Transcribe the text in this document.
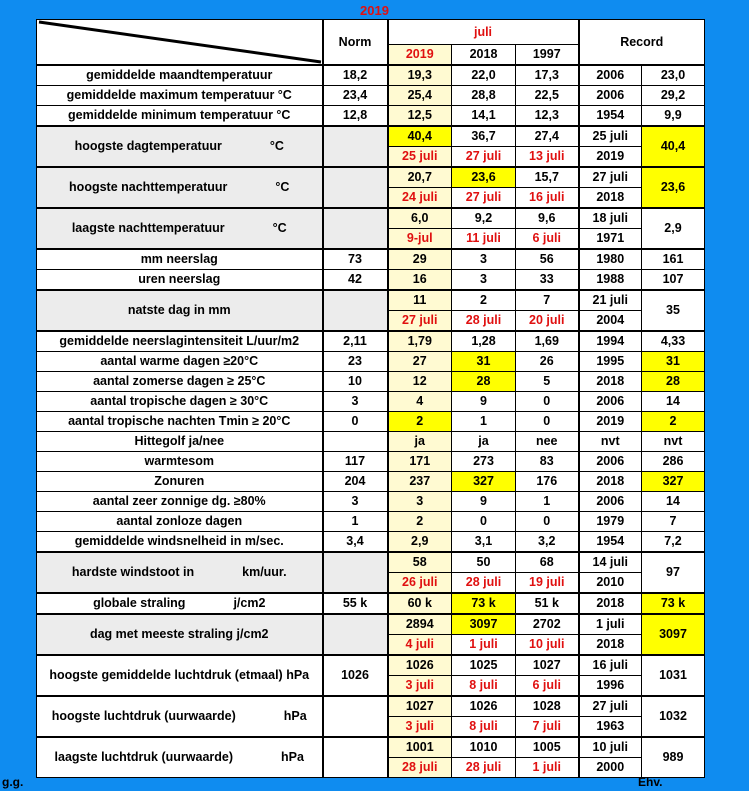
2019
	Norm	juli			Record	
		2019	2018	1997		
gemiddelde maandtemperatuur	18,2	19,3	22,0	17,3	2006	23,0
gemiddelde maximum temperatuur °C	23,4	25,4	28,8	22,5	2006	29,2
gemiddelde minimum temperatuur °C	12,8	12,5	14,1	12,3	1954	9,9
hoogste dagtemperatuur °C		40,4	36,7	27,4	25 juli	40,4
		25 juli	27 juli	13 juli	2019	
hoogste nachttemperatuur °C		20,7	23,6	15,7	27 juli	23,6
		24 juli	27 juli	16 juli	2018	
laagste nachttemperatuur °C		6,0	9,2	9,6	18 juli	2,9
		9-jul	11 juli	6 juli	1971	
mm neerslag	73	29	3	56	1980	161
uren neerslag	42	16	3	33	1988	107
natste dag in mm		11	2	7	21 juli	35
		27 juli	28 juli	20 juli	2004	
gemiddelde neerslagintensiteit L/uur/m2	2,11	1,79	1,28	1,69	1994	4,33
aantal warme dagen ≥20°C	23	27	31	26	1995	31
aantal zomerse dagen ≥ 25°C	10	12	28	5	2018	28
aantal tropische dagen ≥ 30°C	3	4	9	0	2006	14
aantal tropische nachten Tmin ≥ 20°C	0	2	1	0	2019	2
Hittegolf ja/nee		ja	ja	nee	nvt	nvt
warmtesom	117	171	273	83	2006	286
Zonuren	204	237	327	176	2018	327
aantal zeer zonnige dg. ≥80%	3	3	9	1	2006	14
aantal zonloze dagen	1	2	0	0	1979	7
gemiddelde windsnelheid in m/sec.	3,4	2,9	3,1	3,2	1954	7,2
hardste windstoot in km/uur.		58	50	68	14 juli	97
		26 juli	28 juli	19 juli	2010	
globale straling j/cm2	55 k	60 k	73 k	51 k	2018	73 k
dag met meeste straling j/cm2		2894	3097	2702	1 juli	3097
		4 juli	1 juli	10 juli	2018	
hoogste gemiddelde luchtdruk (etmaal) hPa	1026	1026	1025	1027	16 juli	1031
		3 juli	8 juli	6 juli	1996	
hoogste luchtdruk (uurwaarde) hPa		1027	1026	1028	27 juli	1032
		3 juli	8 juli	7 juli	1963	
laagste luchtdruk (uurwaarde) hPa		1001	1010	1005	10 juli	989
		28 juli	28 juli	1 juli	2000	
g.g.	Ehv.
